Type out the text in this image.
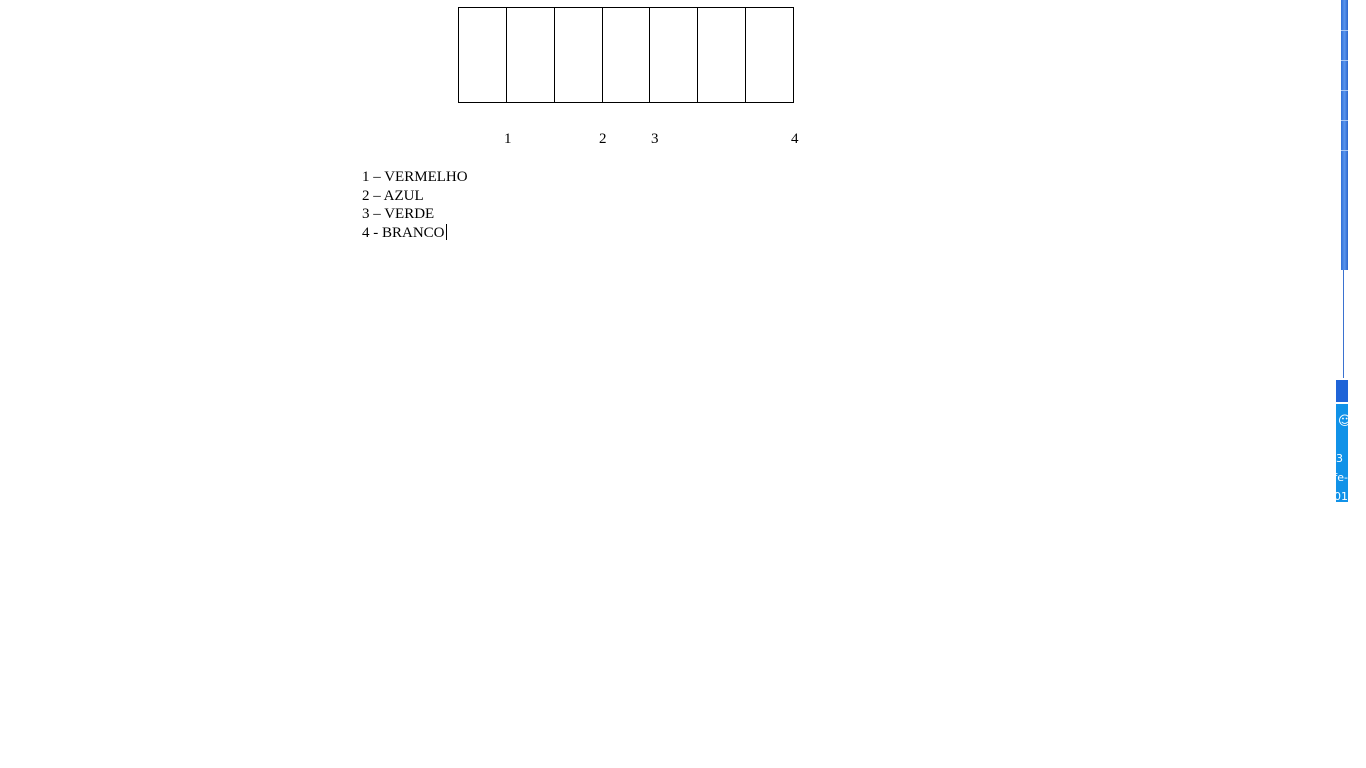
1	2	3	4
1 – VERMELHO
2 – AZUL
3 – VERDE
4 - BRANCO
☺
3
-fe
01
